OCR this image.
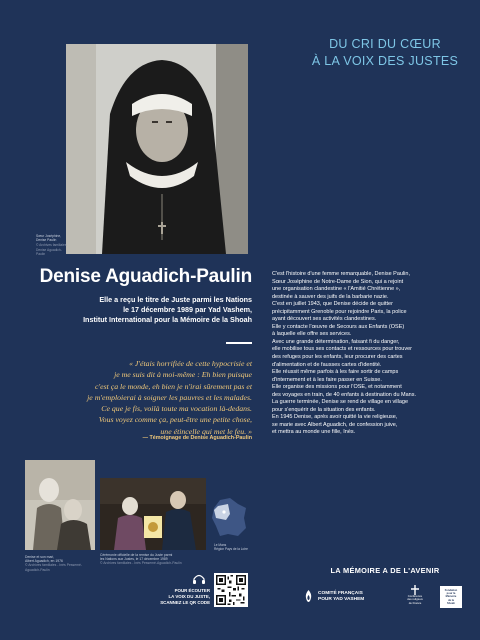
DU CRI DU CŒUR
À LA VOIX DES JUSTES
Sœur Joséphine,
Denise Paulin
© Archives familiales
Denise Aguadich-Paulin
Denise Aguadich-Paulin
Elle a reçu le titre de Juste parmi les Nations
le 17 décembre 1989 par Yad Vashem,
Institut International pour la Mémoire de la Shoah
« J'étais horrifiée de cette hypocrisie et
je me suis dit à moi-même : Eh bien puisque
c'est ça le monde, eh bien je n'irai sûrement pas et
je m'emploierai à soigner les pauvres et les malades.
Ce que je fis, voilà toute ma vocation là-dedans.
Vous voyez comme ça, peut-être une petite chose,
une étincelle qui met le feu. »
— Témoignage de Denise Aguadich-Paulin
C'est l'histoire d'une femme remarquable, Denise Paulin,
Sœur Joséphine de Notre-Dame de Sion, qui a rejoint
une organisation clandestine « l'Amitié Chrétienne »,
destinée à sauver des juifs de la barbarie nazie.
C'est en juillet 1943, que Denise décide de quitter
précipitamment Grenoble pour rejoindre Paris, la police
ayant découvert ses activités clandestines.
Elle y contacte l'œuvre de Secours aux Enfants (OSE)
à laquelle elle offre ses services.
Avec une grande détermination, faisant fi du danger,
elle mobilise tous ses contacts et ressources pour trouver
des refuges pour les enfants, leur procurer des cartes
d'alimentation et de fausses cartes d'identité.
Elle réussit même parfois à les faire sortir de camps
d'internement et à les faire passer en Suisse.
Elle organise des missions pour l'OSE, et notamment
des voyages en train, de 40 enfants à destination du Mans.
La guerre terminée, Denise se rend de village en village
pour s'enquérir de la situation des enfants.
En 1945 Denise, après avoir quitté la vie religieuse,
se marie avec Albert Aguadich, de confession juive,
et mettra au monde une fille, Inès.
Denise et son mari,
Albert Aguadich, en 1976
© Archives familiales - Inès Pessemé-Aguadich-Paulin
Cérémonie officielle de la remise du Juste parmi
les Nations aux Justes, le 17 décembre 1989
© Archives familiales - Inès Pessemé-Aguadich-Paulin
Le Mans
Région Pays de la Loire
POUR ÉCOUTER
LA VOIX DU JUSTE,
SCANNEZ LE QR CODE
LA MÉMOIRE A DE L'AVENIR
COMITÉ FRANÇAIS
POUR YAD VASHEM
Conférence
des religieux
de France
Fondation
pour la
Mémoire
de la
Shoah
